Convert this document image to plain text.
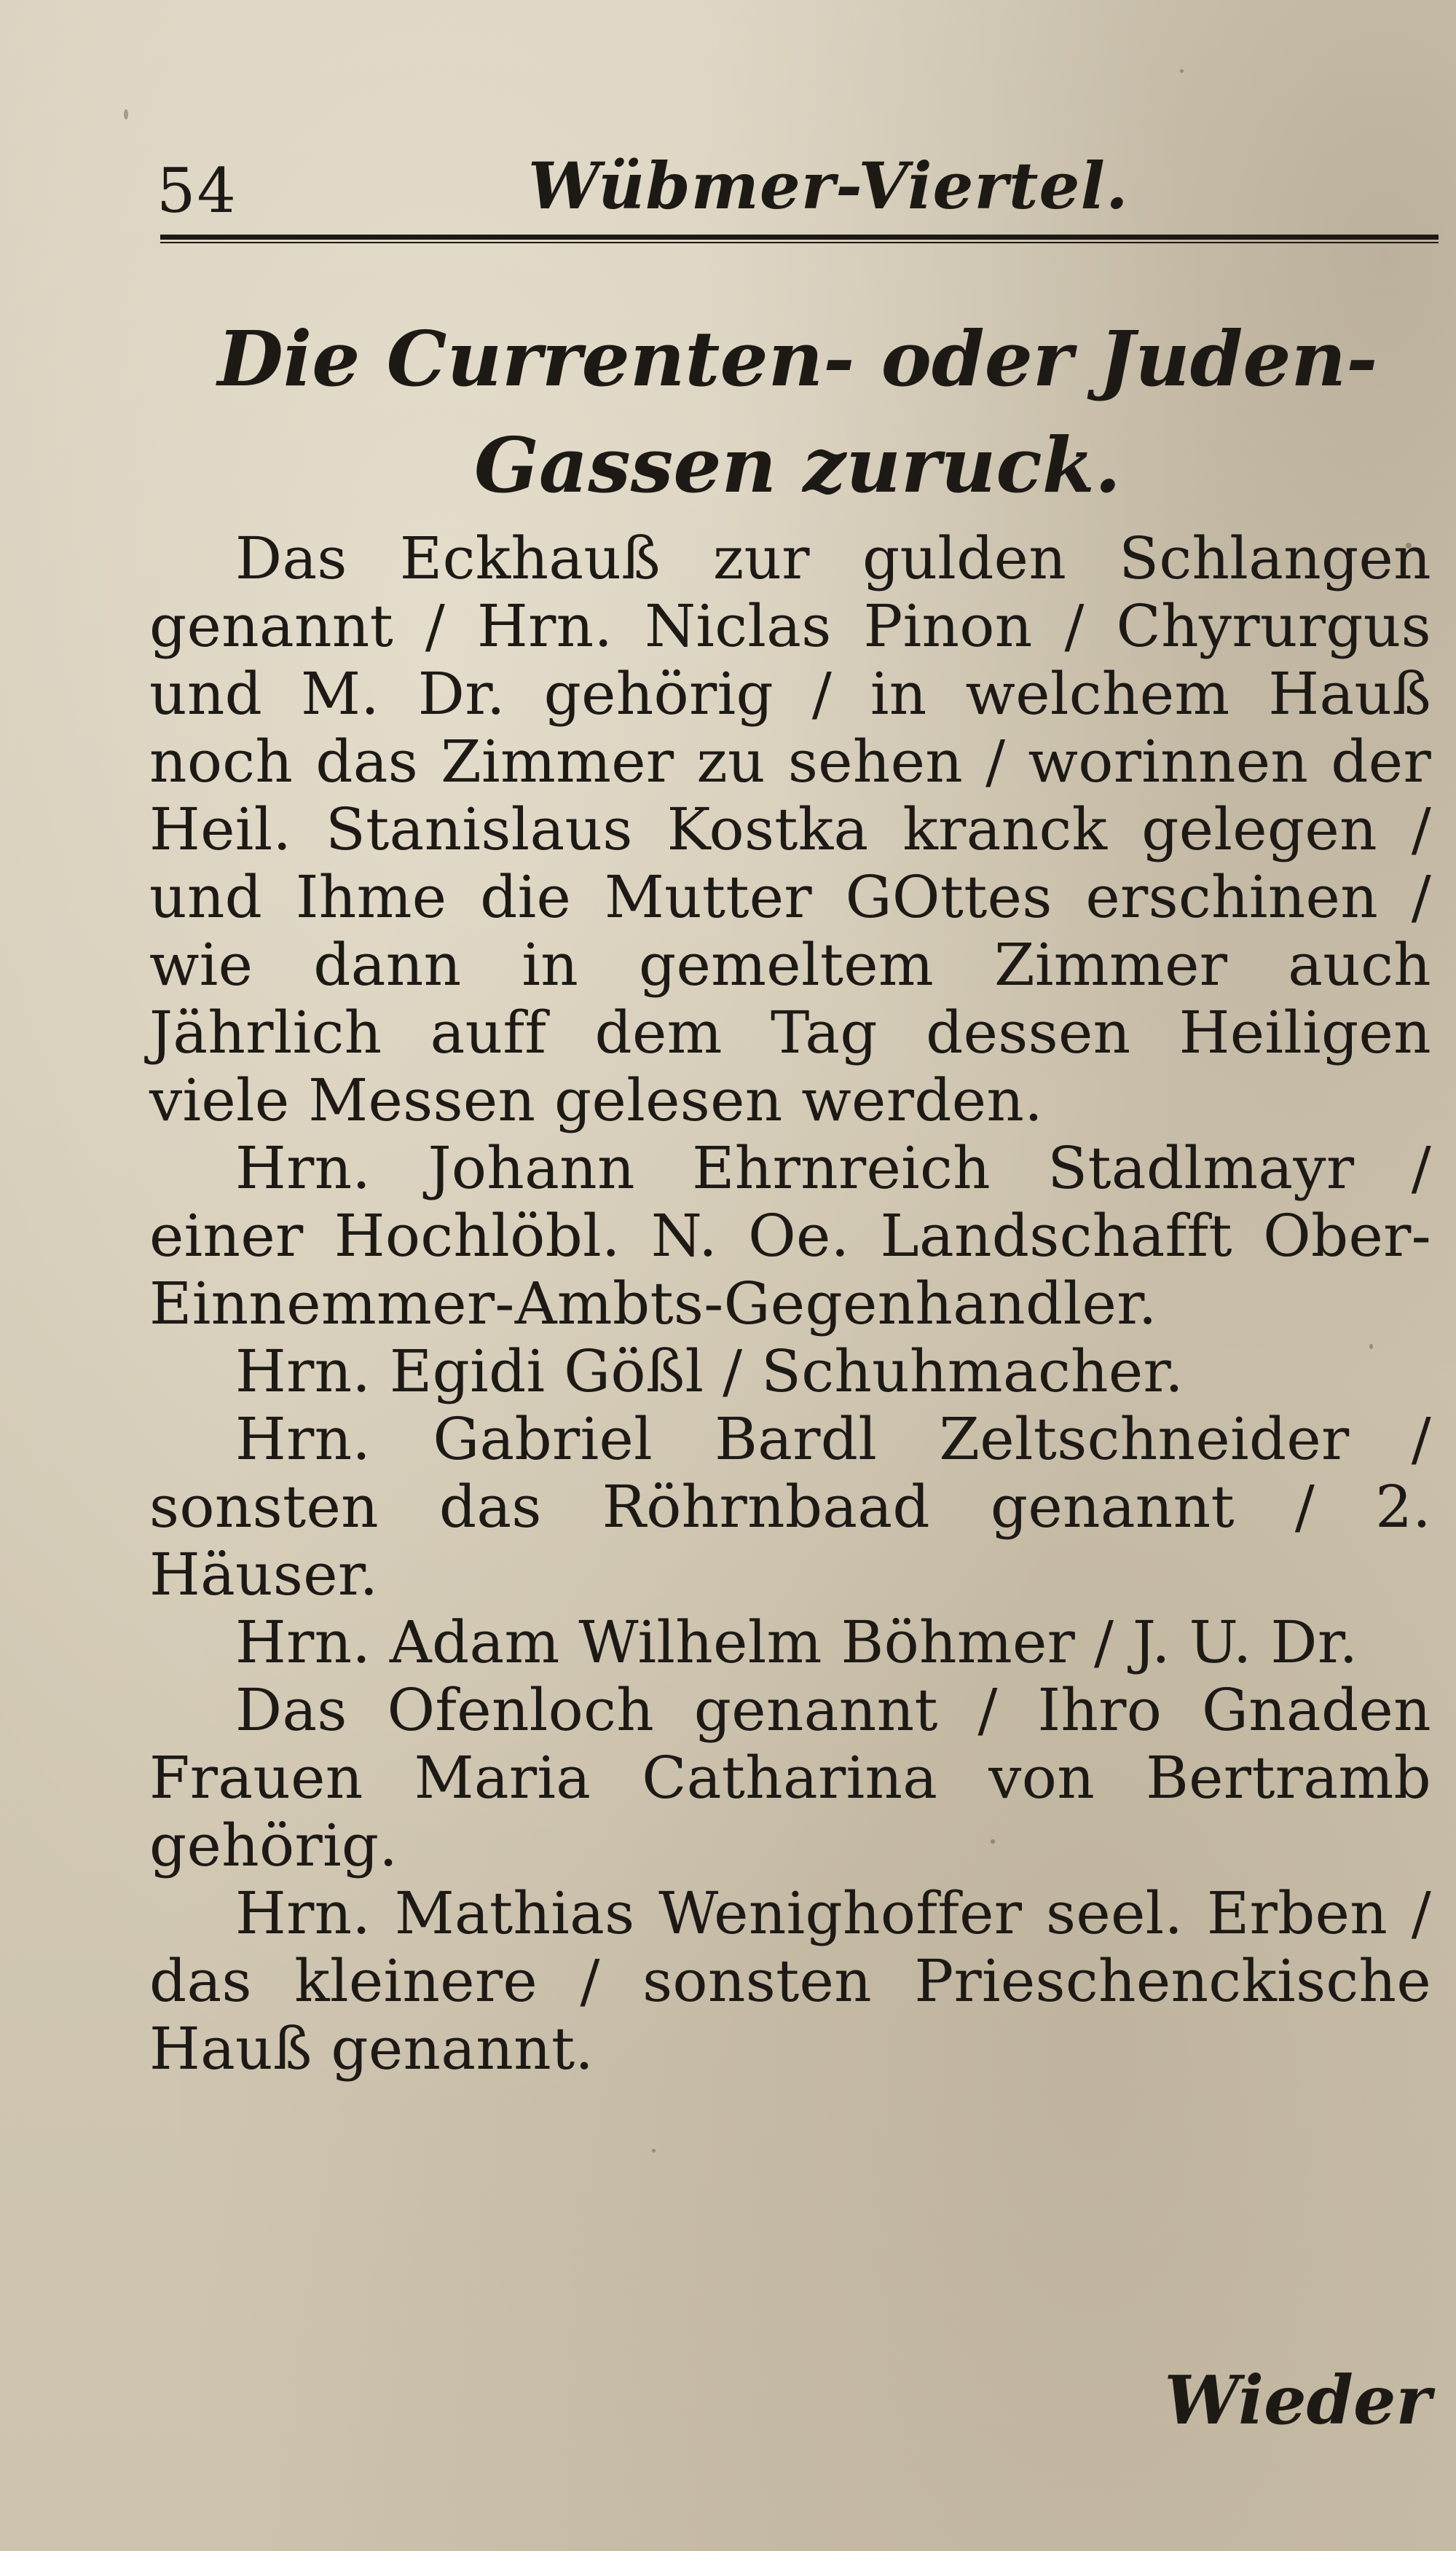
54	Wübmer-Viertel.
Die Currenten- oder Juden-Gassen zuruck.

Das Eckhauß zur gulden Schlangen genannt / Hrn. Niclas Pinon / Chyrurgus und M. Dr. gehörig / in welchem Hauß noch das Zimmer zu sehen / worinnen der Heil. Stanislaus Kostka kranck gelegen / und Ihme die Mutter GOttes erschinen / wie dann in gemeltem Zimmer auch Jährlich auff dem Tag dessen Heiligen viele Messen gelesen werden.

Hrn. Johann Ehrnreich Stadlmayr / einer Hochlöbl. N. Oe. Landschafft Ober-Einnemmer-Ambts-Gegenhandler.

Hrn. Egidi Gößl / Schuhmacher.

Hrn. Gabriel Bardl Zeltschneider / sonsten das Röhrnbaad genannt / 2. Häuser.

Hrn. Adam Wilhelm Böhmer / J. U. Dr.

Das Ofenloch genannt / Ihro Gnaden Frauen Maria Catharina von Bertramb gehörig.

Hrn. Mathias Wenighoffer seel. Erben / das kleinere / sonsten Prieschenckische Hauß genannt.

Wieder
